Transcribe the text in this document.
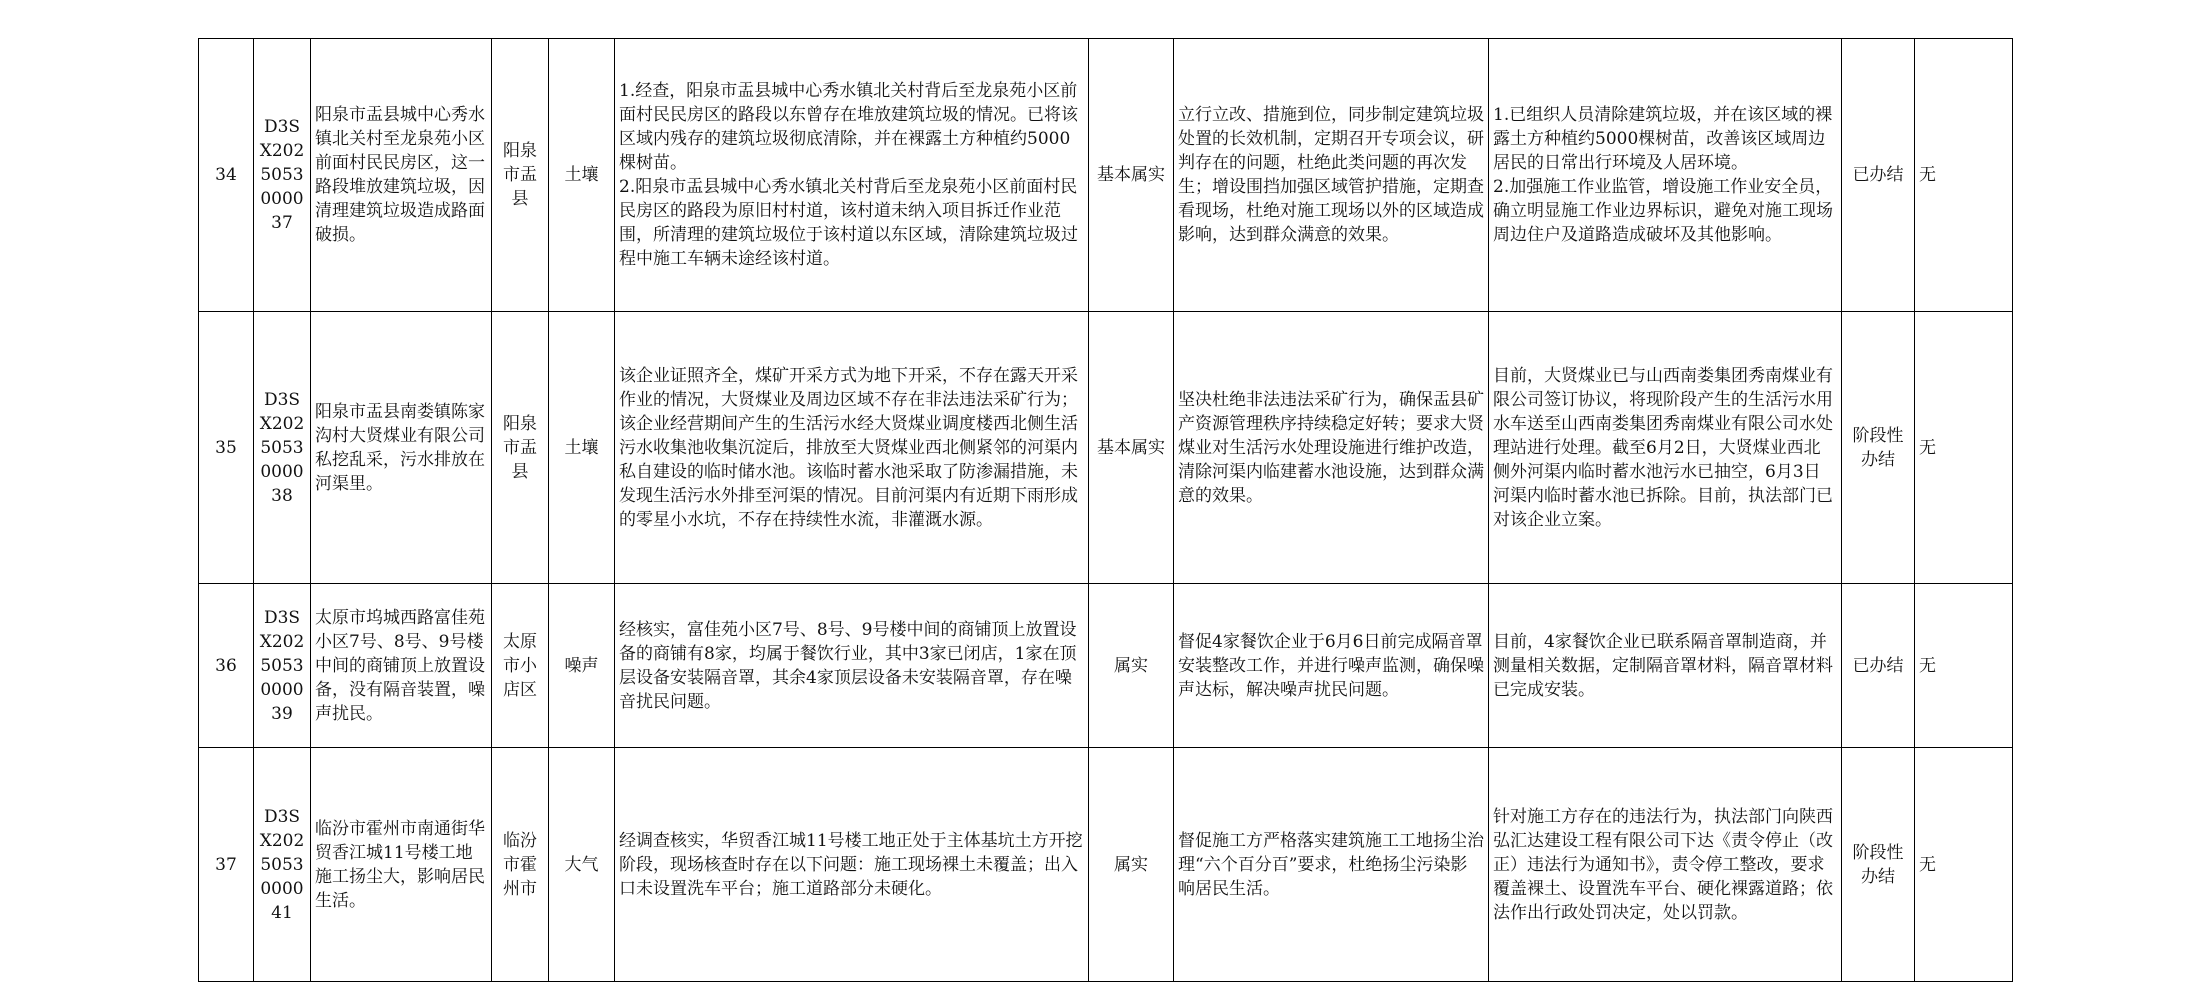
34	D3SX2025053000037	阳泉市盂县城中心秀水镇北关村至龙泉苑小区前面村民民房区，这一路段堆放建筑垃圾，因清理建筑垃圾造成路面破损。	阳泉市盂县	土壤	1.经查，阳泉市盂县城中心秀水镇北关村背后至龙泉苑小区前面村民民房区的路段以东曾存在堆放建筑垃圾的情况。已将该区域内残存的建筑垃圾彻底清除，并在裸露土方种植约5000棵树苗。
2.阳泉市盂县城中心秀水镇北关村背后至龙泉苑小区前面村民民房区的路段为原旧村村道，该村道未纳入项目拆迁作业范围，所清理的建筑垃圾位于该村道以东区域，清除建筑垃圾过程中施工车辆未途经该村道。	基本属实	立行立改、措施到位，同步制定建筑垃圾处置的长效机制，定期召开专项会议，研判存在的问题，杜绝此类问题的再次发生；增设围挡加强区域管护措施，定期查看现场，杜绝对施工现场以外的区域造成影响，达到群众满意的效果。	1.已组织人员清除建筑垃圾，并在该区域的裸露土方种植约5000棵树苗，改善该区域周边居民的日常出行环境及人居环境。
2.加强施工作业监管，增设施工作业安全员，确立明显施工作业边界标识，避免对施工现场周边住户及道路造成破坏及其他影响。	已办结	无
35	D3SX2025053000038	阳泉市盂县南娄镇陈家沟村大贤煤业有限公司私挖乱采，污水排放在河渠里。	阳泉市盂县	土壤	该企业证照齐全，煤矿开采方式为地下开采，不存在露天开采作业的情况，大贤煤业及周边区域不存在非法违法采矿行为；该企业经营期间产生的生活污水经大贤煤业调度楼西北侧生活污水收集池收集沉淀后，排放至大贤煤业西北侧紧邻的河渠内私自建设的临时储水池。该临时蓄水池采取了防渗漏措施，未发现生活污水外排至河渠的情况。目前河渠内有近期下雨形成的零星小水坑，不存在持续性水流，非灌溉水源。	基本属实	坚决杜绝非法违法采矿行为，确保盂县矿产资源管理秩序持续稳定好转；要求大贤煤业对生活污水处理设施进行维护改造，清除河渠内临建蓄水池设施，达到群众满意的效果。	目前，大贤煤业已与山西南娄集团秀南煤业有限公司签订协议，将现阶段产生的生活污水用水车送至山西南娄集团秀南煤业有限公司水处理站进行处理。截至6月2日，大贤煤业西北侧外河渠内临时蓄水池污水已抽空，6月3日河渠内临时蓄水池已拆除。目前，执法部门已对该企业立案。	阶段性办结	无
36	D3SX2025053000039	太原市坞城西路富佳苑小区7号、8号、9号楼中间的商铺顶上放置设备，没有隔音装置，噪声扰民。	太原市小店区	噪声	经核实，富佳苑小区7号、8号、9号楼中间的商铺顶上放置设备的商铺有8家，均属于餐饮行业，其中3家已闭店，1家在顶层设备安装隔音罩，其余4家顶层设备未安装隔音罩，存在噪音扰民问题。	属实	督促4家餐饮企业于6月6日前完成隔音罩安装整改工作，并进行噪声监测，确保噪声达标，解决噪声扰民问题。	目前，4家餐饮企业已联系隔音罩制造商，并测量相关数据，定制隔音罩材料，隔音罩材料已完成安装。	已办结	无
37	D3SX2025053000041	临汾市霍州市南通街华贸香江城11号楼工地施工扬尘大，影响居民生活。	临汾市霍州市	大气	经调查核实，华贸香江城11号楼工地正处于主体基坑土方开挖阶段，现场核查时存在以下问题：施工现场裸土未覆盖；出入口未设置洗车平台；施工道路部分未硬化。	属实	督促施工方严格落实建筑施工工地扬尘治理“六个百分百”要求，杜绝扬尘污染影响居民生活。	针对施工方存在的违法行为，执法部门向陕西弘汇达建设工程有限公司下达《责令停止（改正）违法行为通知书》，责令停工整改，要求覆盖裸土、设置洗车平台、硬化裸露道路；依法作出行政处罚决定，处以罚款。	阶段性办结	无
